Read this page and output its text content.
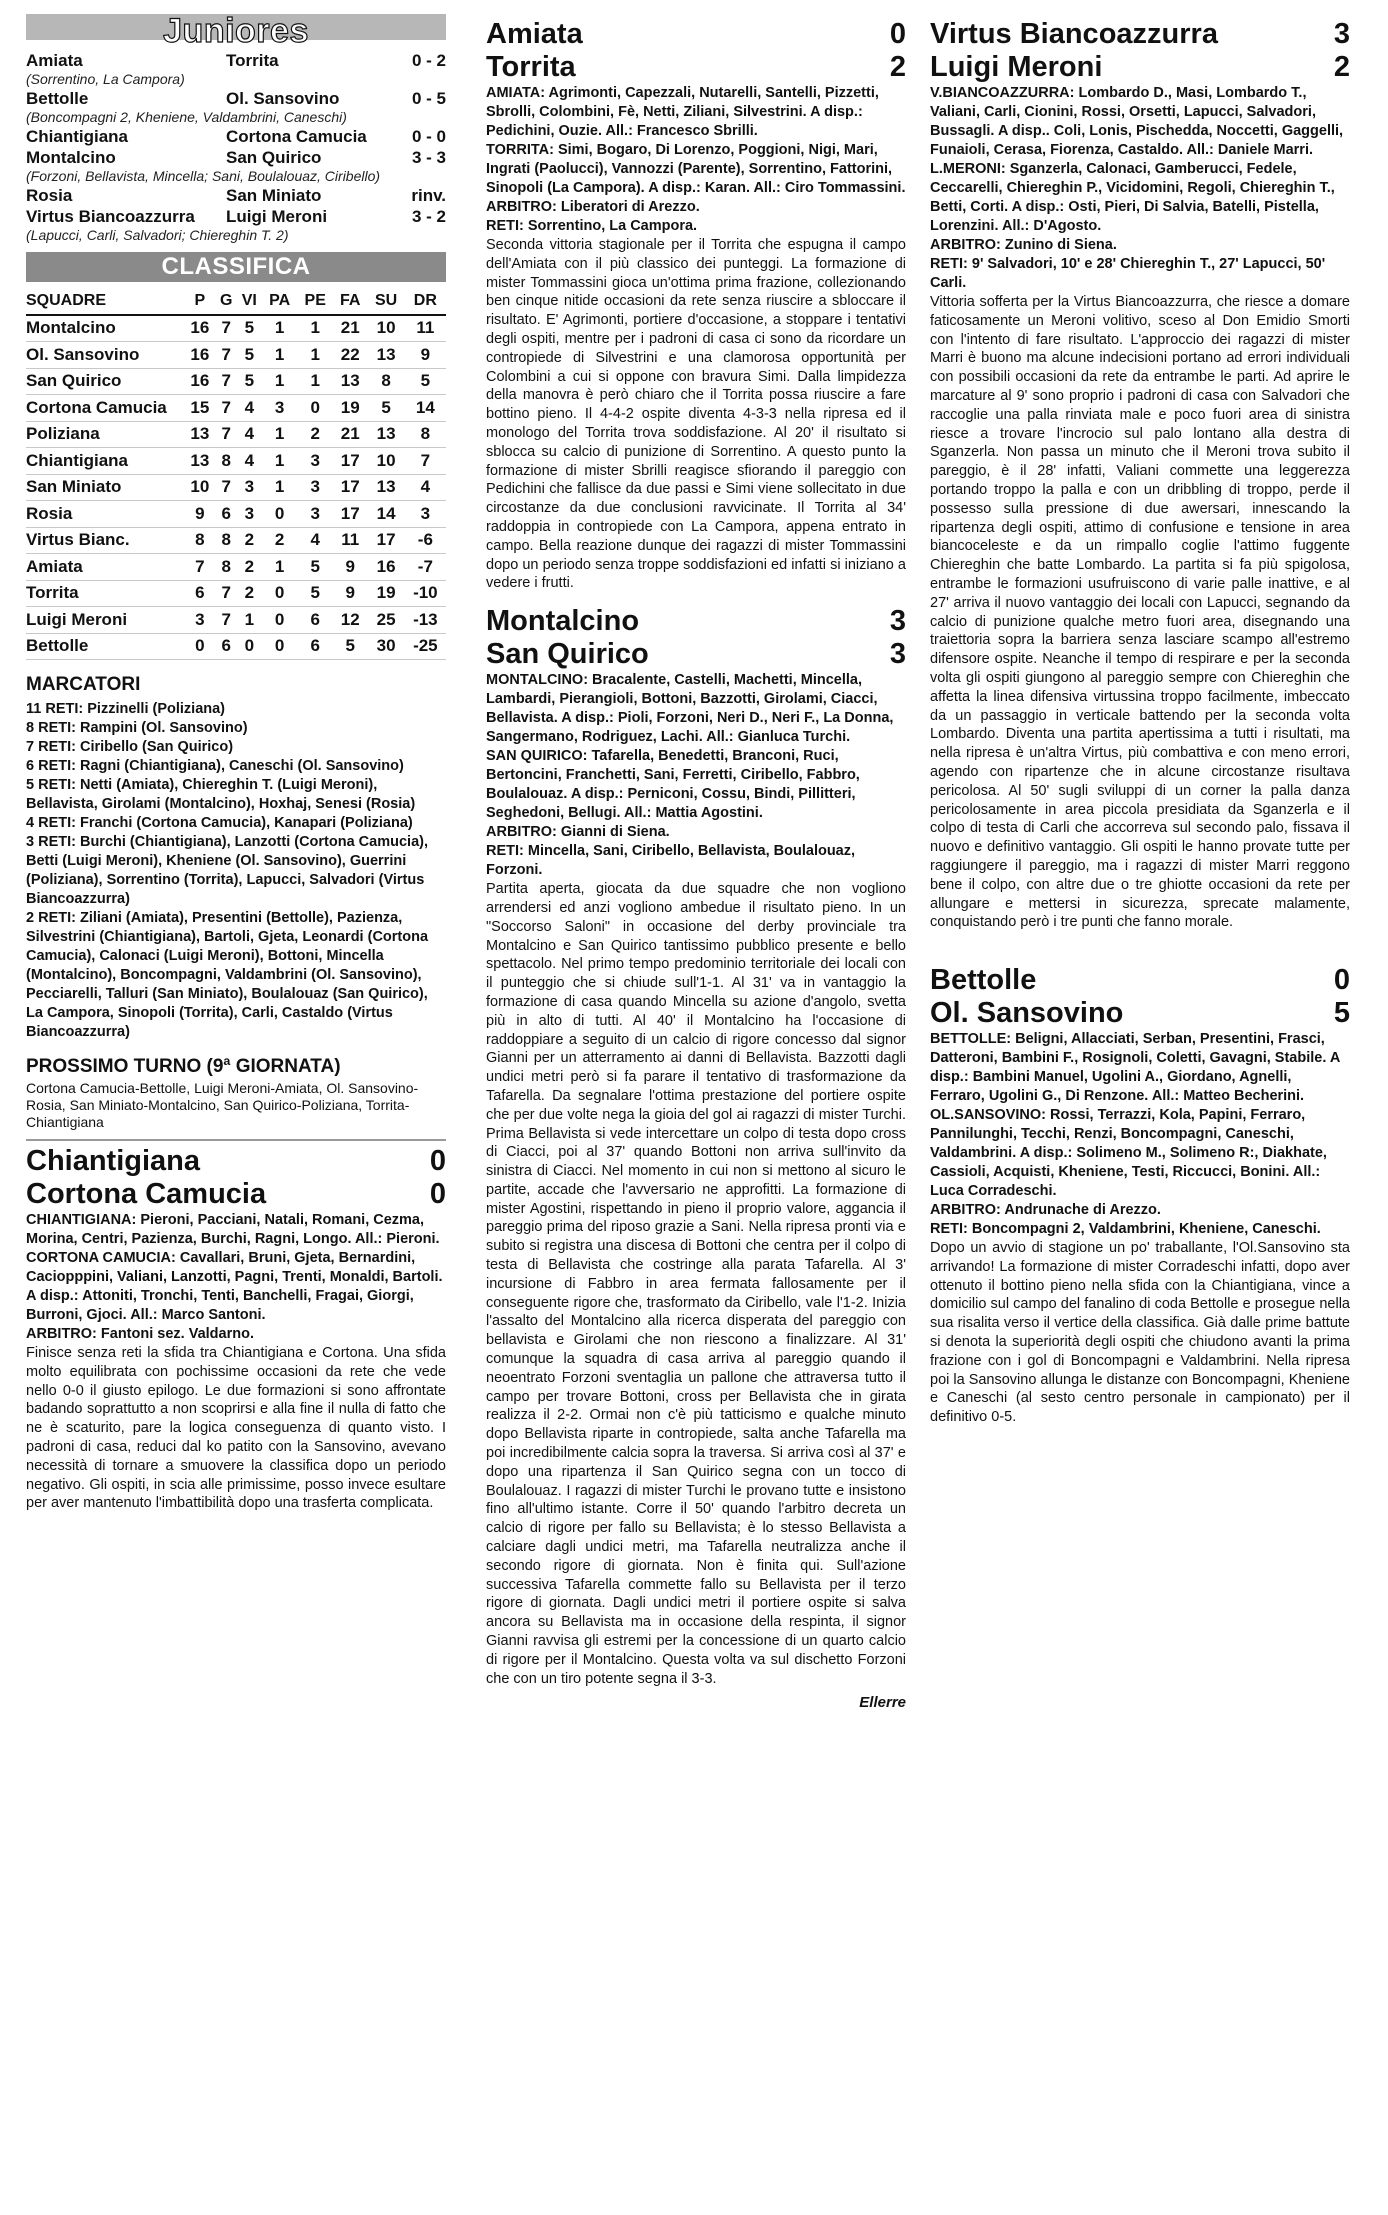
Juniores
Amiata	Torrita	0 - 2
(Sorrentino, La Campora)
Bettolle	Ol. Sansovino	0 - 5
(Boncompagni 2, Kheniene, Valdambrini, Caneschi)
Chiantigiana	Cortona Camucia	0 - 0
Montalcino	San Quirico	3 - 3
(Forzoni, Bellavista, Mincella; Sani, Boulalouaz, Ciribello)
Rosia	San Miniato	rinv.
Virtus Biancoazzurra	Luigi Meroni	3 - 2
(Lapucci, Carli, Salvadori; Chiereghin T. 2)
CLASSIFICA
SQUADRE	P	G	VI	PA	PE	FA	SU	DR
Montalcino	16	7	5	1	1	21	10	11
Ol. Sansovino	16	7	5	1	1	22	13	9
San Quirico	16	7	5	1	1	13	8	5
Cortona Camucia	15	7	4	3	0	19	5	14
Poliziana	13	7	4	1	2	21	13	8
Chiantigiana	13	8	4	1	3	17	10	7
San Miniato	10	7	3	1	3	17	13	4
Rosia	9	6	3	0	3	17	14	3
Virtus Bianc.	8	8	2	2	4	11	17	-6
Amiata	7	8	2	1	5	9	16	-7
Torrita	6	7	2	0	5	9	19	-10
Luigi Meroni	3	7	1	0	6	12	25	-13
Bettolle	0	6	0	0	6	5	30	-25
MARCATORI
11 RETI: Pizzinelli (Poliziana)
8 RETI: Rampini (Ol. Sansovino)
7 RETI: Ciribello (San Quirico)
6 RETI: Ragni (Chiantigiana), Caneschi (Ol. Sansovino)
5 RETI: Netti (Amiata), Chiereghin T. (Luigi Meroni), Bellavista, Girolami (Montalcino), Hoxhaj, Senesi (Rosia)
4 RETI: Franchi (Cortona Camucia), Kanapari (Poliziana)
3 RETI: Burchi (Chiantigiana), Lanzotti (Cortona Camucia), Betti (Luigi Meroni), Kheniene (Ol. Sansovino), Guerrini (Poliziana), Sorrentino (Torrita), Lapucci, Salvadori (Virtus Biancoazzurra)
2 RETI: Ziliani (Amiata), Presentini (Bettolle), Pazienza, Silvestrini (Chiantigiana), Bartoli, Gjeta, Leonardi (Cortona Camucia), Calonaci (Luigi Meroni), Bottoni, Mincella (Montalcino), Boncompagni, Valdambrini (Ol. Sansovino), Pecciarelli, Talluri (San Miniato), Boulalouaz (San Quirico), La Campora, Sinopoli (Torrita), Carli, Castaldo (Virtus Biancoazzurra)
PROSSIMO TURNO (9ª GIORNATA)
Cortona Camucia-Bettolle, Luigi Meroni-Amiata, Ol. Sansovino-Rosia, San Miniato-Montalcino, San Quirico-Poliziana, Torrita-Chiantigiana
Chiantigiana	0
Cortona Camucia	0
CHIANTIGIANA: Pieroni, Pacciani, Natali, Romani, Cezma, Morina, Centri, Pazienza, Burchi, Ragni, Longo. All.: Pieroni.
CORTONA CAMUCIA: Cavallari, Bruni, Gjeta, Bernardini, Caciopppini, Valiani, Lanzotti, Pagni, Trenti, Monaldi, Bartoli. A disp.: Attoniti, Tronchi, Tenti, Banchelli, Fragai, Giorgi, Burroni, Gjoci. All.: Marco Santoni.
ARBITRO: Fantoni sez. Valdarno.
Finisce senza reti la sfida tra Chiantigiana e Cortona. Una sfida molto equilibrata con pochissime occasioni da rete che vede nello 0-0 il giusto epilogo. Le due formazioni si sono affrontate badando soprattutto a non scoprirsi e alla fine il nulla di fatto che ne è scaturito, pare la logica conseguenza di quanto visto. I padroni di casa, reduci dal ko patito con la Sansovino, avevano necessità di tornare a smuovere la classifica dopo un periodo negativo. Gli ospiti, in scia alle primissime, posso invece esultare per aver mantenuto l'imbattibilità dopo una trasferta complicata.
Amiata	0
Torrita	2
AMIATA: Agrimonti, Capezzali, Nutarelli, Santelli, Pizzetti, Sbrolli, Colombini, Fè, Netti, Ziliani, Silvestrini. A disp.: Pedichini, Ouzie. All.: Francesco Sbrilli.
TORRITA: Simi, Bogaro, Di Lorenzo, Poggioni, Nigi, Mari, Ingrati (Paolucci), Vannozzi (Parente), Sorrentino, Fattorini, Sinopoli (La Campora). A disp.: Karan. All.: Ciro Tommassini.
ARBITRO: Liberatori di Arezzo.
RETI: Sorrentino, La Campora.
Seconda vittoria stagionale per il Torrita che espugna il campo dell'Amiata con il più classico dei punteggi. La formazione di mister Tommassini gioca un'ottima prima frazione, collezionando ben cinque nitide occasioni da rete senza riuscire a sbloccare il risultato. E' Agrimonti, portiere d'occasione, a stoppare i tentativi degli ospiti, mentre per i padroni di casa ci sono da ricordare un contropiede di Silvestrini e una clamorosa opportunità per Colombini a cui si oppone con bravura Simi. Dalla limpidezza della manovra è però chiaro che il Torrita possa riuscire a fare bottino pieno. Il 4-4-2 ospite diventa 4-3-3 nella ripresa ed il monologo del Torrita trova soddisfazione. Al 20' il risultato si sblocca su calcio di punizione di Sorrentino. A questo punto la formazione di mister Sbrilli reagisce sfiorando il pareggio con Pedichini che fallisce da due passi e Simi viene sollecitato in due circostanze da due conclusioni ravvicinate. Il Torrita al 34' raddoppia in contropiede con La Campora, appena entrato in campo. Bella reazione dunque dei ragazzi di mister Tommassini dopo un periodo senza troppe soddisfazioni ed infatti si iniziano a vedere i frutti.
Montalcino	3
San Quirico	3
MONTALCINO: Bracalente, Castelli, Machetti, Mincella, Lambardi, Pierangioli, Bottoni, Bazzotti, Girolami, Ciacci, Bellavista. A disp.: Pioli, Forzoni, Neri D., Neri F., La Donna, Sangermano, Rodriguez, Lachi. All.: Gianluca Turchi.
SAN QUIRICO: Tafarella, Benedetti, Branconi, Ruci, Bertoncini, Franchetti, Sani, Ferretti, Ciribello, Fabbro, Boulalouaz. A disp.: Perniconi, Cossu, Bindi, Pillitteri, Seghedoni, Bellugi. All.: Mattia Agostini.
ARBITRO: Gianni di Siena.
RETI: Mincella, Sani, Ciribello, Bellavista, Boulalouaz, Forzoni.
Partita aperta, giocata da due squadre che non vogliono arrendersi ed anzi vogliono ambedue il risultato pieno. In un "Soccorso Saloni" in occasione del derby provinciale tra Montalcino e San Quirico tantissimo pubblico presente e bello spettacolo. Nel primo tempo predominio territoriale dei locali con il punteggio che si chiude sull'1-1. Al 31' va in vantaggio la formazione di casa quando Mincella su azione d'angolo, svetta più in alto di tutti. Al 40' il Montalcino ha l'occasione di raddoppiare a seguito di un calcio di rigore concesso dal signor Gianni per un atterramento ai danni di Bellavista. Bazzotti dagli undici metri però si fa parare il tentativo di trasformazione da Tafarella. Da segnalare l'ottima prestazione del portiere ospite che per due volte nega la gioia del gol ai ragazzi di mister Turchi. Prima Bellavista si vede intercettare un colpo di testa dopo cross di Ciacci, poi al 37' quando Bottoni non arriva sull'invito da sinistra di Ciacci. Nel momento in cui non si mettono al sicuro le partite, accade che l'avversario ne approfitti. La formazione di mister Agostini, rispettando in pieno il proprio valore, aggancia il pareggio prima del riposo grazie a Sani. Nella ripresa pronti via e subito si registra una discesa di Bottoni che centra per il colpo di testa di Bellavista che costringe alla parata Tafarella. Al 3' incursione di Fabbro in area fermata fallosamente per il conseguente rigore che, trasformato da Ciribello, vale l'1-2. Inizia l'assalto del Montalcino alla ricerca disperata del pareggio con bellavista e Girolami che non riescono a finalizzare. Al 31' comunque la squadra di casa arriva al pareggio quando il neoentrato Forzoni sventaglia un pallone che attraversa tutto il campo per trovare Bottoni, cross per Bellavista che in girata realizza il 2-2. Ormai non c'è più tatticismo e qualche minuto dopo Bellavista riparte in contropiede, salta anche Tafarella ma poi incredibilmente calcia sopra la traversa. Si arriva così al 37' e dopo una ripartenza il San Quirico segna con un tocco di Boulalouaz. I ragazzi di mister Turchi le provano tutte e insistono fino all'ultimo istante. Corre il 50' quando l'arbitro decreta un calcio di rigore per fallo su Bellavista; è lo stesso Bellavista a calciare dagli undici metri, ma Tafarella neutralizza anche il secondo rigore di giornata. Non è finita qui. Sull'azione successiva Tafarella commette fallo su Bellavista per il terzo rigore di giornata. Dagli undici metri il portiere ospite si salva ancora su Bellavista ma in occasione della respinta, il signor Gianni ravvisa gli estremi per la concessione di un quarto calcio di rigore per il Montalcino. Questa volta va sul dischetto Forzoni che con un tiro potente segna il 3-3.
Ellerre
Virtus Biancoazzurra	3
Luigi Meroni	2
V.BIANCOAZZURRA: Lombardo D., Masi, Lombardo T., Valiani, Carli, Cionini, Rossi, Orsetti, Lapucci, Salvadori, Bussagli. A disp.. Coli, Lonis, Pischedda, Noccetti, Gaggelli, Funaioli, Cerasa, Fiorenza, Castaldo. All.: Daniele Marri.
L.MERONI: Sganzerla, Calonaci, Gamberucci, Fedele, Ceccarelli, Chiereghin P., Vicidomini, Regoli, Chiereghin T., Betti, Corti. A disp.: Osti, Pieri, Di Salvia, Batelli, Pistella, Lorenzini. All.: D'Agosto.
ARBITRO: Zunino di Siena.
RETI: 9' Salvadori, 10' e 28' Chiereghin T., 27' Lapucci, 50' Carli.
Vittoria sofferta per la Virtus Biancoazzurra, che riesce a domare faticosamente un Meroni volitivo, sceso al Don Emidio Smorti con l'intento di fare risultato. L'approccio dei ragazzi di mister Marri è buono ma alcune indecisioni portano ad errori individuali con possibili occasioni da rete da entrambe le parti. Ad aprire le marcature al 9' sono proprio i padroni di casa con Salvadori che raccoglie una palla rinviata male e poco fuori area di sinistra riesce a trovare l'incrocio sul palo lontano alla destra di Sganzerla. Non passa un minuto che il Meroni trova subito il pareggio, è il 28' infatti, Valiani commette una leggerezza portando troppo la palla e con un dribbling di troppo, perde il possesso sulla pressione di due awersari, innescando la ripartenza degli ospiti, attimo di confusione e tensione in area biancoceleste e da un rimpallo coglie l'attimo fuggente Chiereghin che batte Lombardo. La partita si fa più spigolosa, entrambe le formazioni usufruiscono di varie palle inattive, e al 27' arriva il nuovo vantaggio dei locali con Lapucci, segnando da calcio di punizione qualche metro fuori area, disegnando una traiettoria sopra la barriera senza lasciare scampo all'estremo difensore ospite. Neanche il tempo di respirare e per la seconda volta gli ospiti giungono al pareggio sempre con Chiereghin che affetta la linea difensiva virtussina troppo facilmente, imbeccato da un passaggio in verticale battendo per la seconda volta Lombardo. Diventa una partita apertissima a tutti i risultati, ma nella ripresa è un'altra Virtus, più combattiva e con meno errori, agendo con ripartenze che in alcune circostanze risultava pericolosa. Al 50' sugli sviluppi di un corner la palla danza pericolosamente in area piccola presidiata da Sganzerla e il colpo di testa di Carli che accorreva sul secondo palo, fissava il nuovo e definitivo vantaggio. Gli ospiti le hanno provate tutte per raggiungere il pareggio, ma i ragazzi di mister Marri reggono bene il colpo, con altre due o tre ghiotte occasioni da rete per allungare e mettersi in sicurezza, sprecate malamente, conquistando però i tre punti che fanno morale.
Bettolle	0
Ol. Sansovino	5
BETTOLLE: Beligni, Allacciati, Serban, Presentini, Frasci, Datteroni, Bambini F., Rosignoli, Coletti, Gavagni, Stabile. A disp.: Bambini Manuel, Ugolini A., Giordano, Agnelli, Ferraro, Ugolini G., Di Renzone. All.: Matteo Becherini.
OL.SANSOVINO: Rossi, Terrazzi, Kola, Papini, Ferraro, Pannilunghi, Tecchi, Renzi, Boncompagni, Caneschi, Valdambrini. A disp.: Solimeno M., Solimeno R:, Diakhate, Cassioli, Acquisti, Kheniene, Testi, Riccucci, Bonini. All.: Luca Corradeschi.
ARBITRO: Andrunache di Arezzo.
RETI: Boncompagni 2, Valdambrini, Kheniene, Caneschi.
Dopo un avvio di stagione un po' traballante, l'Ol.Sansovino sta arrivando! La formazione di mister Corradeschi infatti, dopo aver ottenuto il bottino pieno nella sfida con la Chiantigiana, vince a domicilio sul campo del fanalino di coda Bettolle e prosegue nella sua risalita verso il vertice della classifica. Già dalle prime battute si denota la superiorità degli ospiti che chiudono avanti la prima frazione con i gol di Boncompagni e Valdambrini. Nella ripresa poi la Sansovino allunga le distanze con Boncompagni, Kheniene e Caneschi (al sesto centro personale in campionato) per il definitivo 0-5.
